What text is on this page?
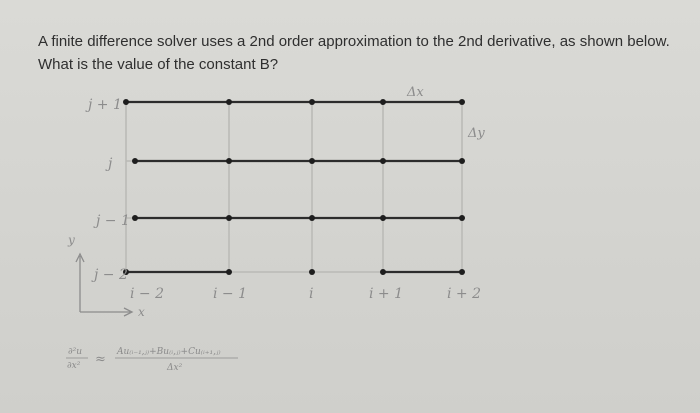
A finite difference solver uses a 2nd order approximation to the 2nd derivative, as shown below.

What is the value of the constant B?

j + 1
j
j − 1
j − 2
i − 2	i − 1	i	i + 1	i + 2
Δx
Δy
y
x
∂²u
∂x² ≈ Au₍ᵢ₋₁,ⱼ₎+Bu₍ᵢ,ⱼ₎+Cu₍ᵢ₊₁,ⱼ₎
Δx²
